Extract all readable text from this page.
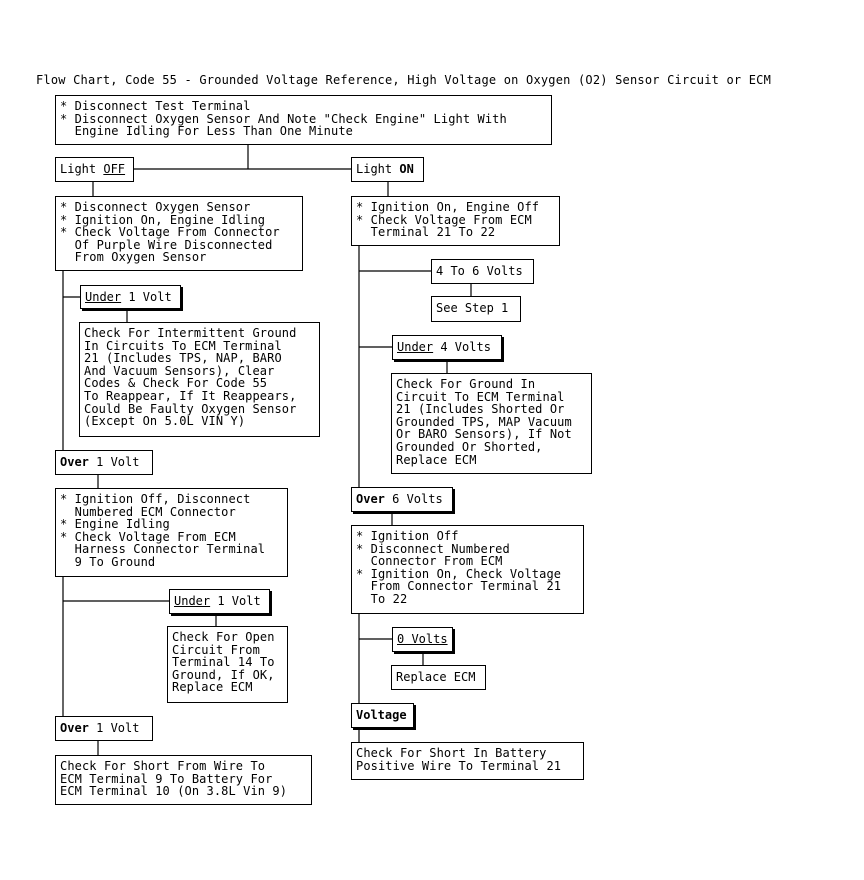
Flow Chart, Code 55 - Grounded Voltage Reference, High Voltage on Oxygen (O2) Sensor Circuit or ECM
* Disconnect Test Terminal
* Disconnect Oxygen Sensor And Note "Check Engine" Light With
Engine Idling For Less Than One Minute
Light OFF	Light ON
* Disconnect Oxygen Sensor
* Ignition On, Engine Idling
* Check Voltage From Connector
Of Purple Wire Disconnected
From Oxygen Sensor
Under 1 Volt
Check For Intermittent Ground
In Circuits To ECM Terminal
21 (Includes TPS, NAP, BARO
And Vacuum Sensors), Clear
Codes & Check For Code 55
To Reappear, If It Reappears,
Could Be Faulty Oxygen Sensor
(Except On 5.0L VIN Y)
Over 1 Volt
* Ignition Off, Disconnect
Numbered ECM Connector
* Engine Idling
* Check Voltage From ECM
Harness Connector Terminal
9 To Ground
Under 1 Volt
Check For Open
Circuit From
Terminal 14 To
Ground, If OK,
Replace ECM
Over 1 Volt
Check For Short From Wire To
ECM Terminal 9 To Battery For
ECM Terminal 10 (On 3.8L Vin 9)
* Ignition On, Engine Off
* Check Voltage From ECM
Terminal 21 To 22
4 To 6 Volts
See Step 1
Under 4 Volts
Check For Ground In
Circuit To ECM Terminal
21 (Includes Shorted Or
Grounded TPS, MAP Vacuum
Or BARO Sensors), If Not
Grounded Or Shorted,
Replace ECM
Over 6 Volts
* Ignition Off
* Disconnect Numbered
Connector From ECM
* Ignition On, Check Voltage
From Connector Terminal 21
To 22
0 Volts
Replace ECM
Voltage
Check For Short In Battery
Positive Wire To Terminal 21
